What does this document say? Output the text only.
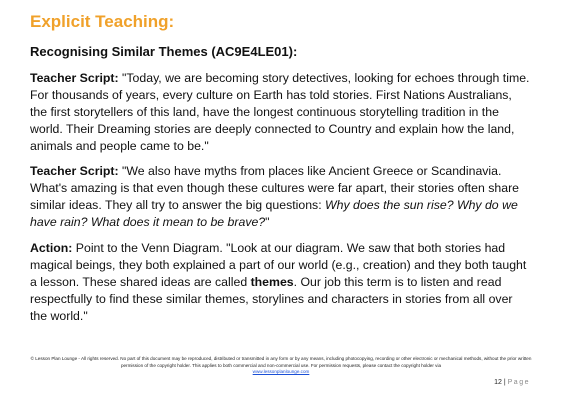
Explicit Teaching:
Recognising Similar Themes (AC9E4LE01):

Teacher Script: "Today, we are becoming story detectives, looking for echoes through time. For thousands of years, every culture on Earth has told stories. First Nations Australians, the first storytellers of this land, have the longest continuous storytelling tradition in the world. Their Dreaming stories are deeply connected to Country and explain how the land, animals and people came to be."

Teacher Script: "We also have myths from places like Ancient Greece or Scandinavia. What's amazing is that even though these cultures were far apart, their stories often share similar ideas. They all try to answer the big questions: Why does the sun rise? Why do we have rain? What does it mean to be brave?"

Action: Point to the Venn Diagram. "Look at our diagram. We saw that both stories had magical beings, they both explained a part of our world (e.g., creation) and they both taught a lesson. These shared ideas are called themes. Our job this term is to listen and read respectfully to find these similar themes, storylines and characters in stories from all over the world."

© Lesson Plan Lounge - All rights reserved. No part of this document may be reproduced, distributed or transmitted in any form or by any means, including photocopying, recording or other electronic or mechanical methods, without the prior written permission of the copyright holder. This applies to both commercial and non-commercial use. For permission requests, please contact the copyright holder via
www.lessonplanlounge.com
12 | Page
